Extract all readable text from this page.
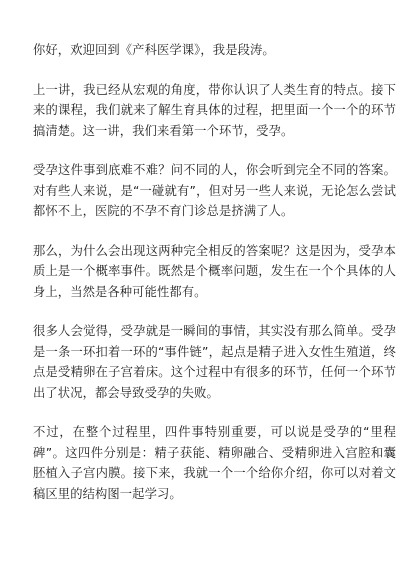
你好，欢迎回到《产科医学课》，我是段涛。

上一讲，我已经从宏观的角度，带你认识了人类生育的特点。接下来的课程，我们就来了解生育具体的过程，把里面一个一个的环节搞清楚。这一讲，我们来看第一个环节，受孕。

受孕这件事到底难不难？问不同的人，你会听到完全不同的答案。对有些人来说，是“一碰就有”，但对另一些人来说，无论怎么尝试都怀不上，医院的不孕不育门诊总是挤满了人。

那么，为什么会出现这两种完全相反的答案呢？这是因为，受孕本质上是一个概率事件。既然是个概率问题，发生在一个个具体的人身上，当然是各种可能性都有。

很多人会觉得，受孕就是一瞬间的事情，其实没有那么简单。受孕是一条一环扣着一环的“事件链”，起点是精子进入女性生殖道，终点是受精卵在子宫着床。这个过程中有很多的环节，任何一个环节出了状况，都会导致受孕的失败。

不过，在整个过程里，四件事特别重要，可以说是受孕的“里程碑”。这四件分别是：精子获能、精卵融合、受精卵进入宫腔和囊胚植入子宫内膜。接下来，我就一个一个给你介绍，你可以对着文稿区里的结构图一起学习。
